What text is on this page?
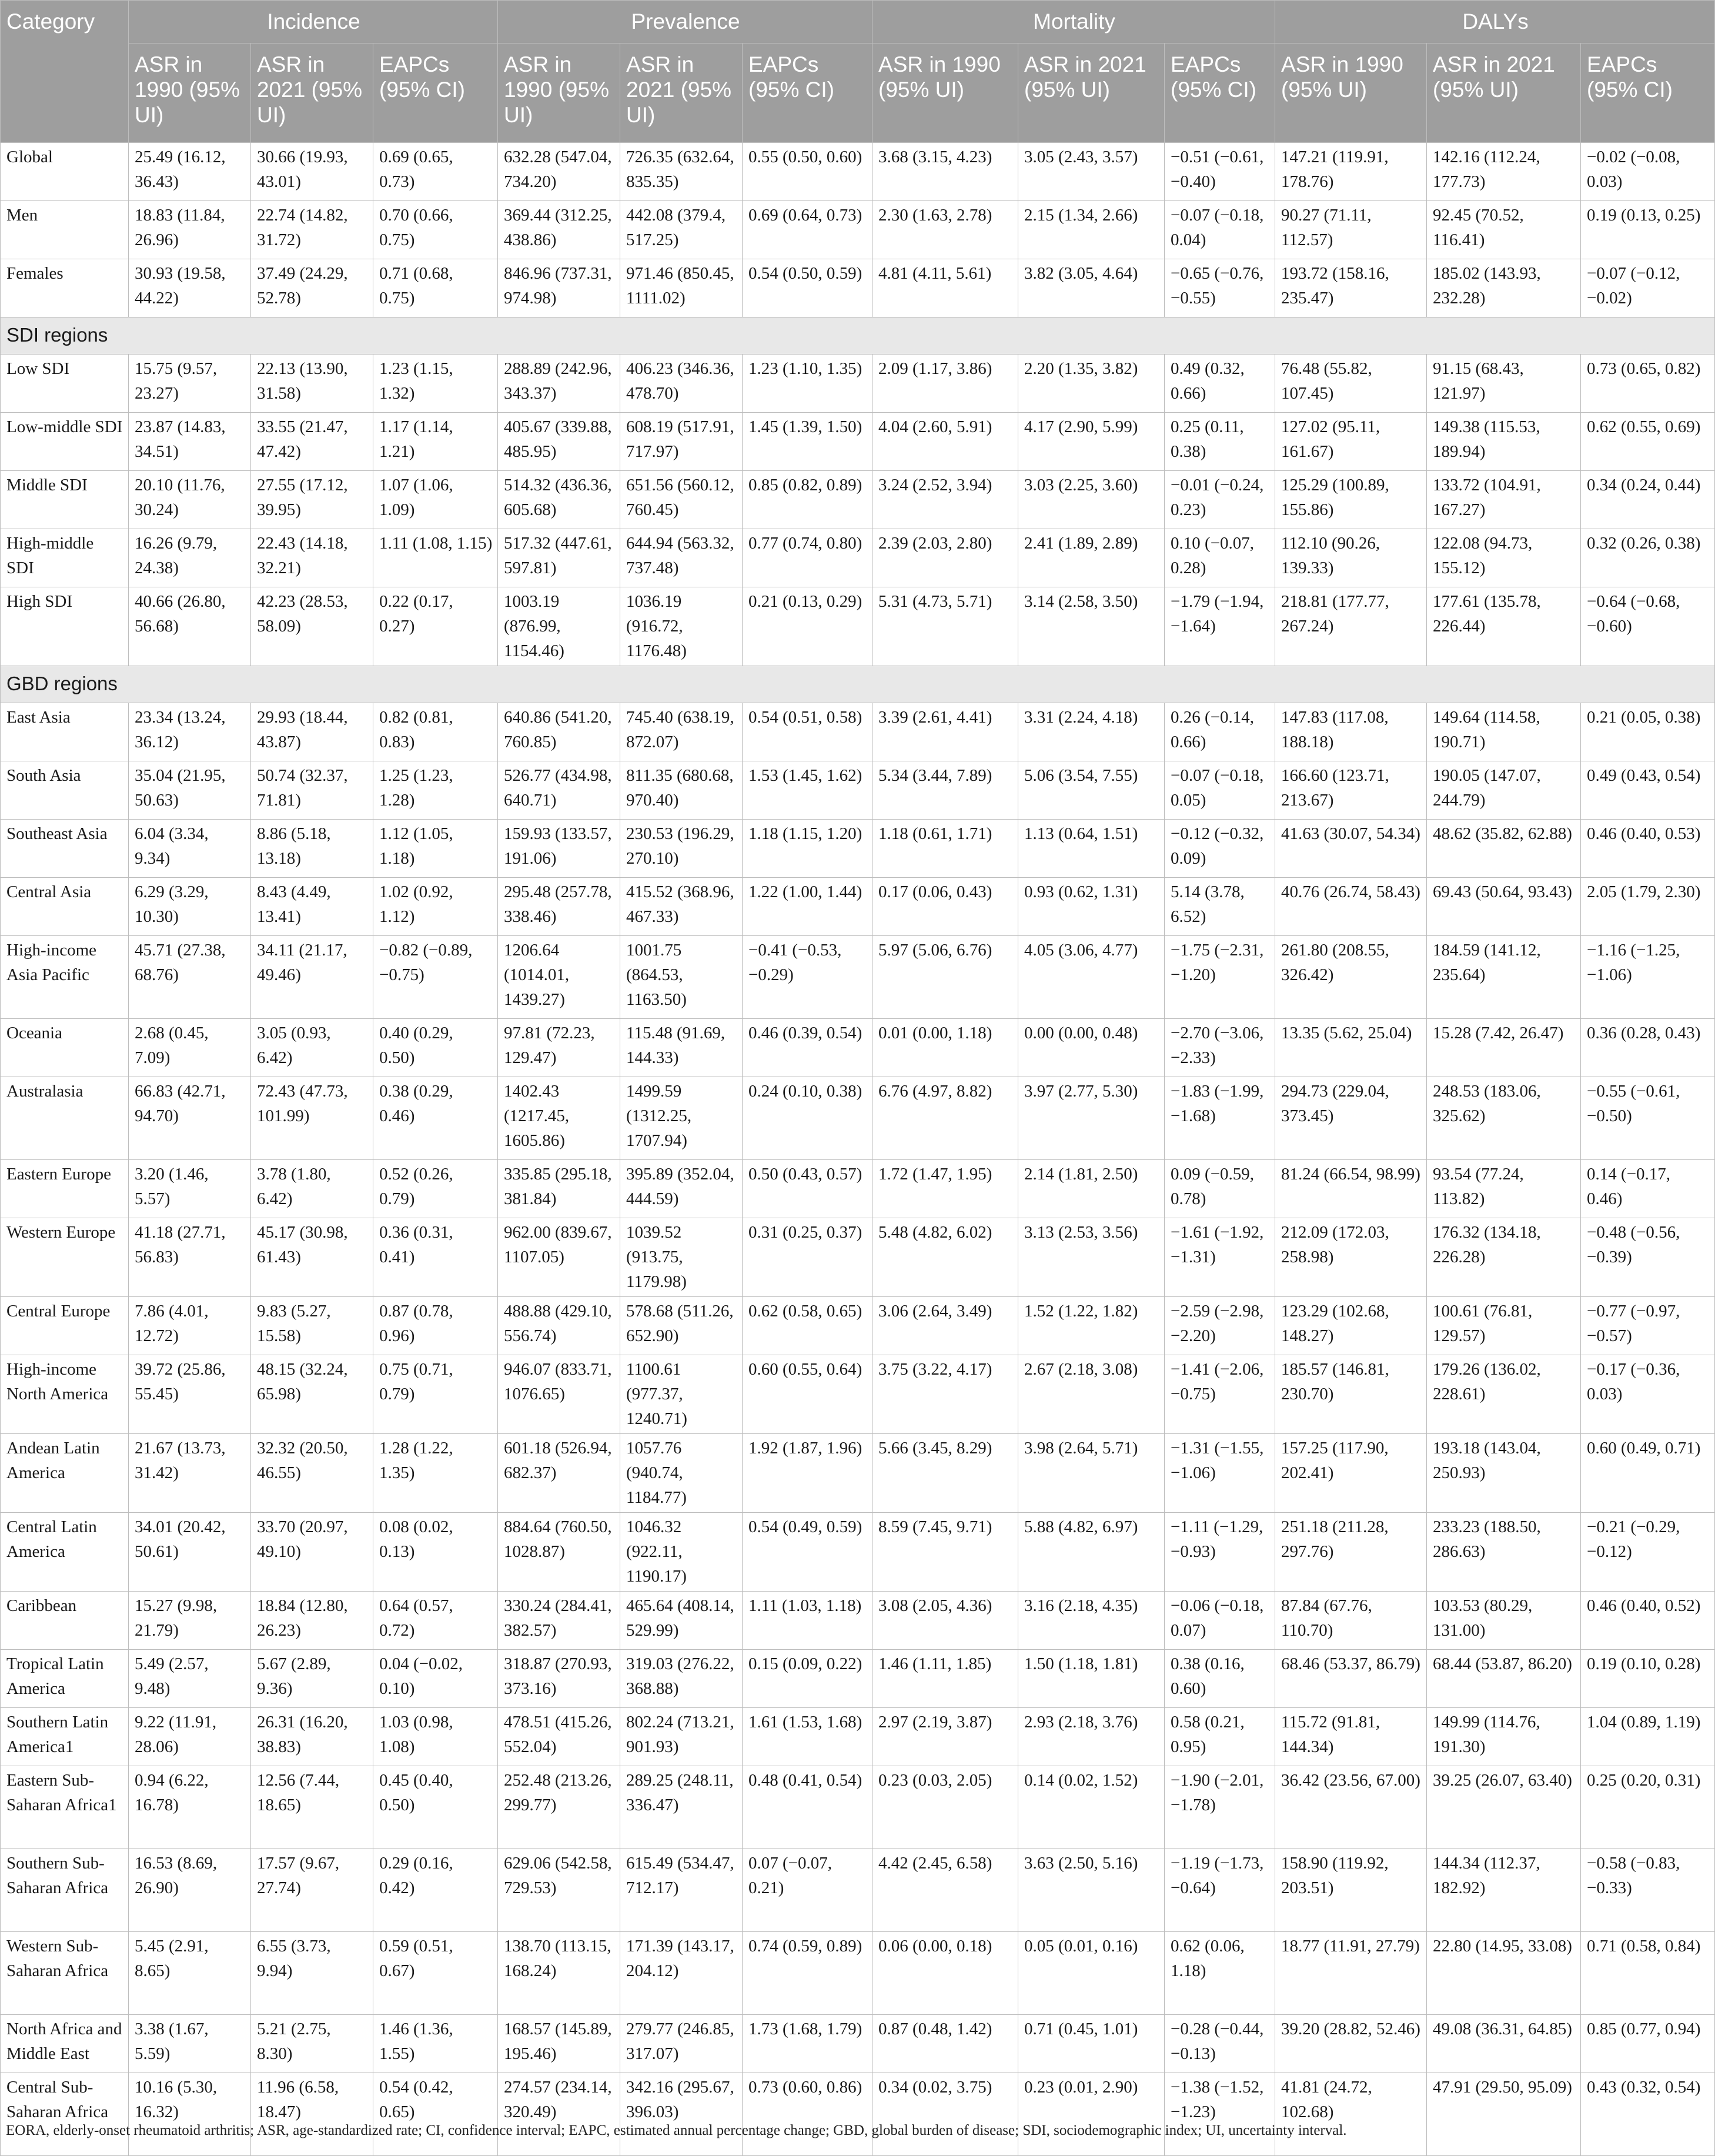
Category	Incidence			Prevalence			Mortality			DALYs		
	ASR in 1990 (95% UI)	ASR in 2021 (95% UI)	EAPCs (95% CI)	ASR in 1990 (95% UI)	ASR in 2021 (95% UI)	EAPCs (95% CI)	ASR in 1990 (95% UI)	ASR in 2021 (95% UI)	EAPCs (95% CI)	ASR in 1990 (95% UI)	ASR in 2021 (95% UI)	EAPCs (95% CI)
Global	25.49 (16.12, 36.43)	30.66 (19.93, 43.01)	0.69 (0.65, 0.73)	632.28 (547.04, 734.20)	726.35 (632.64, 835.35)	0.55 (0.50, 0.60)	3.68 (3.15, 4.23)	3.05 (2.43, 3.57)	−0.51 (−0.61, −0.40)	147.21 (119.91, 178.76)	142.16 (112.24, 177.73)	−0.02 (−0.08, 0.03)
Men	18.83 (11.84, 26.96)	22.74 (14.82, 31.72)	0.70 (0.66, 0.75)	369.44 (312.25, 438.86)	442.08 (379.4, 517.25)	0.69 (0.64, 0.73)	2.30 (1.63, 2.78)	2.15 (1.34, 2.66)	−0.07 (−0.18, 0.04)	90.27 (71.11, 112.57)	92.45 (70.52, 116.41)	0.19 (0.13, 0.25)
Females	30.93 (19.58, 44.22)	37.49 (24.29, 52.78)	0.71 (0.68, 0.75)	846.96 (737.31, 974.98)	971.46 (850.45, 1111.02)	0.54 (0.50, 0.59)	4.81 (4.11, 5.61)	3.82 (3.05, 4.64)	−0.65 (−0.76, −0.55)	193.72 (158.16, 235.47)	185.02 (143.93, 232.28)	−0.07 (−0.12, −0.02)
SDI regions												
Low SDI	15.75 (9.57, 23.27)	22.13 (13.90, 31.58)	1.23 (1.15, 1.32)	288.89 (242.96, 343.37)	406.23 (346.36, 478.70)	1.23 (1.10, 1.35)	2.09 (1.17, 3.86)	2.20 (1.35, 3.82)	0.49 (0.32, 0.66)	76.48 (55.82, 107.45)	91.15 (68.43, 121.97)	0.73 (0.65, 0.82)
Low-middle SDI	23.87 (14.83, 34.51)	33.55 (21.47, 47.42)	1.17 (1.14, 1.21)	405.67 (339.88, 485.95)	608.19 (517.91, 717.97)	1.45 (1.39, 1.50)	4.04 (2.60, 5.91)	4.17 (2.90, 5.99)	0.25 (0.11, 0.38)	127.02 (95.11, 161.67)	149.38 (115.53, 189.94)	0.62 (0.55, 0.69)
Middle SDI	20.10 (11.76, 30.24)	27.55 (17.12, 39.95)	1.07 (1.06, 1.09)	514.32 (436.36, 605.68)	651.56 (560.12, 760.45)	0.85 (0.82, 0.89)	3.24 (2.52, 3.94)	3.03 (2.25, 3.60)	−0.01 (−0.24, 0.23)	125.29 (100.89, 155.86)	133.72 (104.91, 167.27)	0.34 (0.24, 0.44)
High-middle SDI	16.26 (9.79, 24.38)	22.43 (14.18, 32.21)	1.11 (1.08, 1.15)	517.32 (447.61, 597.81)	644.94 (563.32, 737.48)	0.77 (0.74, 0.80)	2.39 (2.03, 2.80)	2.41 (1.89, 2.89)	0.10 (−0.07, 0.28)	112.10 (90.26, 139.33)	122.08 (94.73, 155.12)	0.32 (0.26, 0.38)
High SDI	40.66 (26.80, 56.68)	42.23 (28.53, 58.09)	0.22 (0.17, 0.27)	1003.19 (876.99, 1154.46)	1036.19 (916.72, 1176.48)	0.21 (0.13, 0.29)	5.31 (4.73, 5.71)	3.14 (2.58, 3.50)	−1.79 (−1.94, −1.64)	218.81 (177.77, 267.24)	177.61 (135.78, 226.44)	−0.64 (−0.68, −0.60)
GBD regions												
East Asia	23.34 (13.24, 36.12)	29.93 (18.44, 43.87)	0.82 (0.81, 0.83)	640.86 (541.20, 760.85)	745.40 (638.19, 872.07)	0.54 (0.51, 0.58)	3.39 (2.61, 4.41)	3.31 (2.24, 4.18)	0.26 (−0.14, 0.66)	147.83 (117.08, 188.18)	149.64 (114.58, 190.71)	0.21 (0.05, 0.38)
South Asia	35.04 (21.95, 50.63)	50.74 (32.37, 71.81)	1.25 (1.23, 1.28)	526.77 (434.98, 640.71)	811.35 (680.68, 970.40)	1.53 (1.45, 1.62)	5.34 (3.44, 7.89)	5.06 (3.54, 7.55)	−0.07 (−0.18, 0.05)	166.60 (123.71, 213.67)	190.05 (147.07, 244.79)	0.49 (0.43, 0.54)
Southeast Asia	6.04 (3.34, 9.34)	8.86 (5.18, 13.18)	1.12 (1.05, 1.18)	159.93 (133.57, 191.06)	230.53 (196.29, 270.10)	1.18 (1.15, 1.20)	1.18 (0.61, 1.71)	1.13 (0.64, 1.51)	−0.12 (−0.32, 0.09)	41.63 (30.07, 54.34)	48.62 (35.82, 62.88)	0.46 (0.40, 0.53)
Central Asia	6.29 (3.29, 10.30)	8.43 (4.49, 13.41)	1.02 (0.92, 1.12)	295.48 (257.78, 338.46)	415.52 (368.96, 467.33)	1.22 (1.00, 1.44)	0.17 (0.06, 0.43)	0.93 (0.62, 1.31)	5.14 (3.78, 6.52)	40.76 (26.74, 58.43)	69.43 (50.64, 93.43)	2.05 (1.79, 2.30)
High-income Asia Pacific	45.71 (27.38, 68.76)	34.11 (21.17, 49.46)	−0.82 (−0.89, −0.75)	1206.64 (1014.01, 1439.27)	1001.75 (864.53, 1163.50)	−0.41 (−0.53, −0.29)	5.97 (5.06, 6.76)	4.05 (3.06, 4.77)	−1.75 (−2.31, −1.20)	261.80 (208.55, 326.42)	184.59 (141.12, 235.64)	−1.16 (−1.25, −1.06)
Oceania	2.68 (0.45, 7.09)	3.05 (0.93, 6.42)	0.40 (0.29, 0.50)	97.81 (72.23, 129.47)	115.48 (91.69, 144.33)	0.46 (0.39, 0.54)	0.01 (0.00, 1.18)	0.00 (0.00, 0.48)	−2.70 (−3.06, −2.33)	13.35 (5.62, 25.04)	15.28 (7.42, 26.47)	0.36 (0.28, 0.43)
Australasia	66.83 (42.71, 94.70)	72.43 (47.73, 101.99)	0.38 (0.29, 0.46)	1402.43 (1217.45, 1605.86)	1499.59 (1312.25, 1707.94)	0.24 (0.10, 0.38)	6.76 (4.97, 8.82)	3.97 (2.77, 5.30)	−1.83 (−1.99, −1.68)	294.73 (229.04, 373.45)	248.53 (183.06, 325.62)	−0.55 (−0.61, −0.50)
Eastern Europe	3.20 (1.46, 5.57)	3.78 (1.80, 6.42)	0.52 (0.26, 0.79)	335.85 (295.18, 381.84)	395.89 (352.04, 444.59)	0.50 (0.43, 0.57)	1.72 (1.47, 1.95)	2.14 (1.81, 2.50)	0.09 (−0.59, 0.78)	81.24 (66.54, 98.99)	93.54 (77.24, 113.82)	0.14 (−0.17, 0.46)
Western Europe	41.18 (27.71, 56.83)	45.17 (30.98, 61.43)	0.36 (0.31, 0.41)	962.00 (839.67, 1107.05)	1039.52 (913.75, 1179.98)	0.31 (0.25, 0.37)	5.48 (4.82, 6.02)	3.13 (2.53, 3.56)	−1.61 (−1.92, −1.31)	212.09 (172.03, 258.98)	176.32 (134.18, 226.28)	−0.48 (−0.56, −0.39)
Central Europe	7.86 (4.01, 12.72)	9.83 (5.27, 15.58)	0.87 (0.78, 0.96)	488.88 (429.10, 556.74)	578.68 (511.26, 652.90)	0.62 (0.58, 0.65)	3.06 (2.64, 3.49)	1.52 (1.22, 1.82)	−2.59 (−2.98, −2.20)	123.29 (102.68, 148.27)	100.61 (76.81, 129.57)	−0.77 (−0.97, −0.57)
High-income North America	39.72 (25.86, 55.45)	48.15 (32.24, 65.98)	0.75 (0.71, 0.79)	946.07 (833.71, 1076.65)	1100.61 (977.37, 1240.71)	0.60 (0.55, 0.64)	3.75 (3.22, 4.17)	2.67 (2.18, 3.08)	−1.41 (−2.06, −0.75)	185.57 (146.81, 230.70)	179.26 (136.02, 228.61)	−0.17 (−0.36, 0.03)
Andean Latin America	21.67 (13.73, 31.42)	32.32 (20.50, 46.55)	1.28 (1.22, 1.35)	601.18 (526.94, 682.37)	1057.76 (940.74, 1184.77)	1.92 (1.87, 1.96)	5.66 (3.45, 8.29)	3.98 (2.64, 5.71)	−1.31 (−1.55, −1.06)	157.25 (117.90, 202.41)	193.18 (143.04, 250.93)	0.60 (0.49, 0.71)
Central Latin America	34.01 (20.42, 50.61)	33.70 (20.97, 49.10)	0.08 (0.02, 0.13)	884.64 (760.50, 1028.87)	1046.32 (922.11, 1190.17)	0.54 (0.49, 0.59)	8.59 (7.45, 9.71)	5.88 (4.82, 6.97)	−1.11 (−1.29, −0.93)	251.18 (211.28, 297.76)	233.23 (188.50, 286.63)	−0.21 (−0.29, −0.12)
Caribbean	15.27 (9.98, 21.79)	18.84 (12.80, 26.23)	0.64 (0.57, 0.72)	330.24 (284.41, 382.57)	465.64 (408.14, 529.99)	1.11 (1.03, 1.18)	3.08 (2.05, 4.36)	3.16 (2.18, 4.35)	−0.06 (−0.18, 0.07)	87.84 (67.76, 110.70)	103.53 (80.29, 131.00)	0.46 (0.40, 0.52)
Tropical Latin America	5.49 (2.57, 9.48)	5.67 (2.89, 9.36)	0.04 (−0.02, 0.10)	318.87 (270.93, 373.16)	319.03 (276.22, 368.88)	0.15 (0.09, 0.22)	1.46 (1.11, 1.85)	1.50 (1.18, 1.81)	0.38 (0.16, 0.60)	68.46 (53.37, 86.79)	68.44 (53.87, 86.20)	0.19 (0.10, 0.28)
Southern Latin America1	9.22 (11.91, 28.06)	26.31 (16.20, 38.83)	1.03 (0.98, 1.08)	478.51 (415.26, 552.04)	802.24 (713.21, 901.93)	1.61 (1.53, 1.68)	2.97 (2.19, 3.87)	2.93 (2.18, 3.76)	0.58 (0.21, 0.95)	115.72 (91.81, 144.34)	149.99 (114.76, 191.30)	1.04 (0.89, 1.19)
Eastern Sub-Saharan Africa1	0.94 (6.22, 16.78)	12.56 (7.44, 18.65)	0.45 (0.40, 0.50)	252.48 (213.26, 299.77)	289.25 (248.11, 336.47)	0.48 (0.41, 0.54)	0.23 (0.03, 2.05)	0.14 (0.02, 1.52)	−1.90 (−2.01, −1.78)	36.42 (23.56, 67.00)	39.25 (26.07, 63.40)	0.25 (0.20, 0.31)
Southern Sub-Saharan Africa	16.53 (8.69, 26.90)	17.57 (9.67, 27.74)	0.29 (0.16, 0.42)	629.06 (542.58, 729.53)	615.49 (534.47, 712.17)	0.07 (−0.07, 0.21)	4.42 (2.45, 6.58)	3.63 (2.50, 5.16)	−1.19 (−1.73, −0.64)	158.90 (119.92, 203.51)	144.34 (112.37, 182.92)	−0.58 (−0.83, −0.33)
Western Sub-Saharan Africa	5.45 (2.91, 8.65)	6.55 (3.73, 9.94)	0.59 (0.51, 0.67)	138.70 (113.15, 168.24)	171.39 (143.17, 204.12)	0.74 (0.59, 0.89)	0.06 (0.00, 0.18)	0.05 (0.01, 0.16)	0.62 (0.06, 1.18)	18.77 (11.91, 27.79)	22.80 (14.95, 33.08)	0.71 (0.58, 0.84)
North Africa and Middle East	3.38 (1.67, 5.59)	5.21 (2.75, 8.30)	1.46 (1.36, 1.55)	168.57 (145.89, 195.46)	279.77 (246.85, 317.07)	1.73 (1.68, 1.79)	0.87 (0.48, 1.42)	0.71 (0.45, 1.01)	−0.28 (−0.44, −0.13)	39.20 (28.82, 52.46)	49.08 (36.31, 64.85)	0.85 (0.77, 0.94)
Central Sub-Saharan Africa	10.16 (5.30, 16.32)	11.96 (6.58, 18.47)	0.54 (0.42, 0.65)	274.57 (234.14, 320.49)	342.16 (295.67, 396.03)	0.73 (0.60, 0.86)	0.34 (0.02, 3.75)	0.23 (0.01, 2.90)	−1.38 (−1.52, −1.23)	41.81 (24.72, 102.68)	47.91 (29.50, 95.09)	0.43 (0.32, 0.54)
EORA, elderly-onset rheumatoid arthritis; ASR, age-standardized rate; CI, confidence interval; EAPC, estimated annual percentage change; GBD, global burden of disease; SDI, sociodemographic index; UI, uncertainty interval.
